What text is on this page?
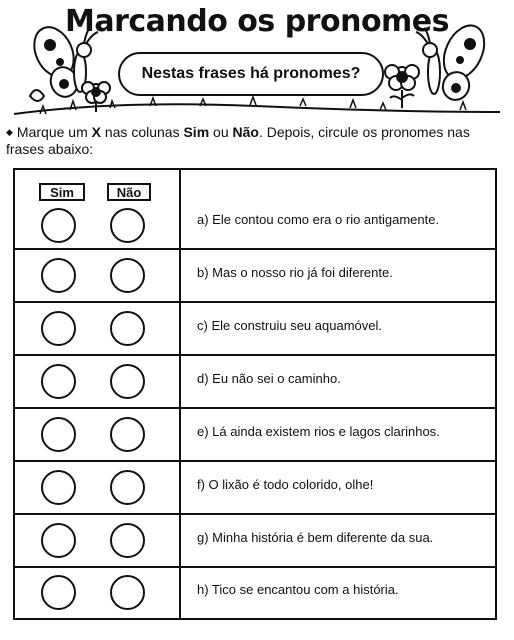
Marcando os pronomes
Nestas frases há pronomes?
◆ Marque um X nas colunas Sim ou Não. Depois, circule os pronomes nas frases abaixo:
Sim	Não
a) Ele contou como era o rio antigamente.
b) Mas o nosso rio já foi diferente.
c) Ele construiu seu aquamóvel.
d) Eu não sei o caminho.
e) Lá ainda existem rios e lagos clarinhos.
f) O lixão é todo colorido, olhe!
g) Minha história é bem diferente da sua.
h) Tico se encantou com a história.
